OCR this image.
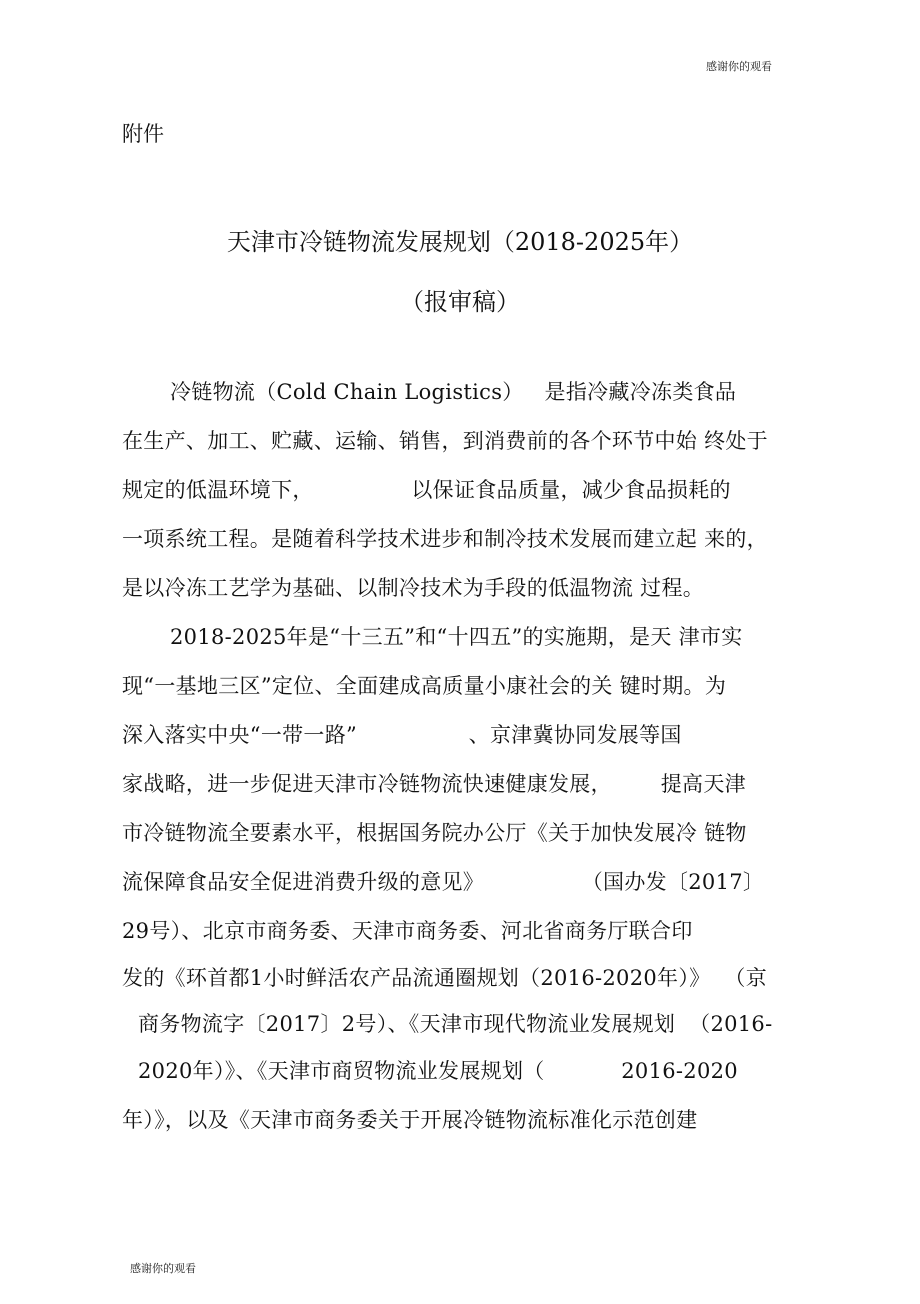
感谢你的观看
附件
天津市冷链物流发展规划（2018-2025年）
（报审稿）
冷链物流（Cold Chain Logistics）   是指冷藏冷冻类食品
在生产、加工、贮藏、运输、销售，到消费前的各个环节中始 终处于
规定的低温环境下，              以保证食品质量，减少食品损耗的
一项系统工程。是随着科学技术进步和制冷技术发展而建立起 来的，
是以冷冻工艺学为基础、以制冷技术为手段的低温物流 过程。
2018-2025年是“十三五”和“十四五”的实施期，是天 津市实
现“一基地三区”定位、全面建成高质量小康社会的关 键时期。为
深入落实中央“一带一路”                、京津冀协同发展等国
家战略，进一步促进天津市冷链物流快速健康发展，       提高天津
市冷链物流全要素水平，根据国务院办公厅《关于加快发展冷 链物
流保障食品安全促进消费升级的意见》              （国办发〔2017〕
29号）、北京市商务委、天津市商务委、河北省商务厅联合印
发的《环首都1小时鲜活农产品流通圈规划（2016-2020年）》  （京
商务物流字〔2017〕2号）、《天津市现代物流业发展规划  （2016-
2020年）》、《天津市商贸物流业发展规划（           2016-2020
年）》，以及《天津市商务委关于开展冷链物流标准化示范创建
感谢你的观看
